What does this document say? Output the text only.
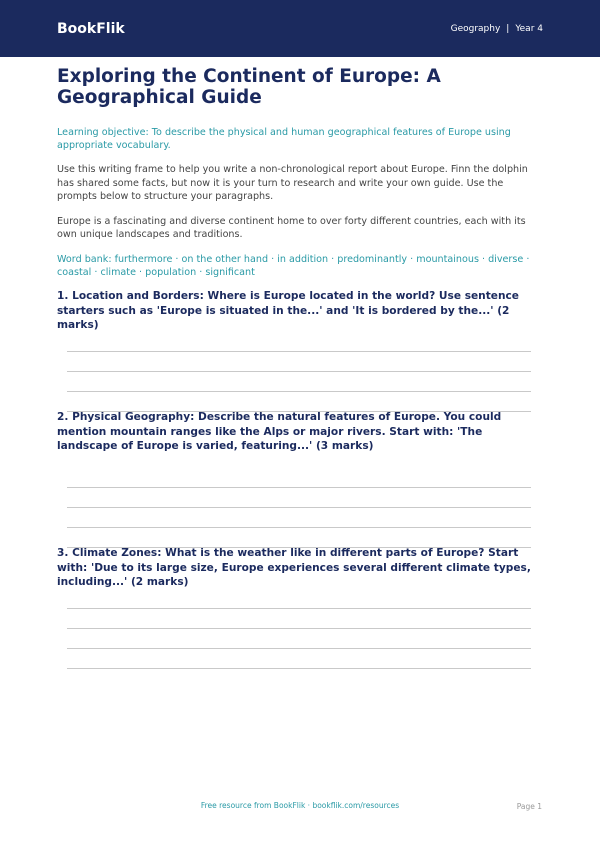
BookFlik	Geography | Year 4
Exploring the Continent of Europe: A Geographical Guide
Learning objective: To describe the physical and human geographical features of Europe using appropriate vocabulary.
Use this writing frame to help you write a non-chronological report about Europe. Finn the dolphin has shared some facts, but now it is your turn to research and write your own guide. Use the prompts below to structure your paragraphs.
Europe is a fascinating and diverse continent home to over forty different countries, each with its own unique landscapes and traditions.
Word bank: furthermore · on the other hand · in addition · predominantly · mountainous · diverse · coastal · climate · population · significant
1. Location and Borders: Where is Europe located in the world? Use sentence starters such as 'Europe is situated in the...' and 'It is bordered by the...' (2 marks)
2. Physical Geography: Describe the natural features of Europe. You could mention mountain ranges like the Alps or major rivers. Start with: 'The landscape of Europe is varied, featuring...' (3 marks)
3. Climate Zones: What is the weather like in different parts of Europe? Start with: 'Due to its large size, Europe experiences several different climate types, including...' (2 marks)
Free resource from BookFlik · bookflik.com/resources	Page 1
